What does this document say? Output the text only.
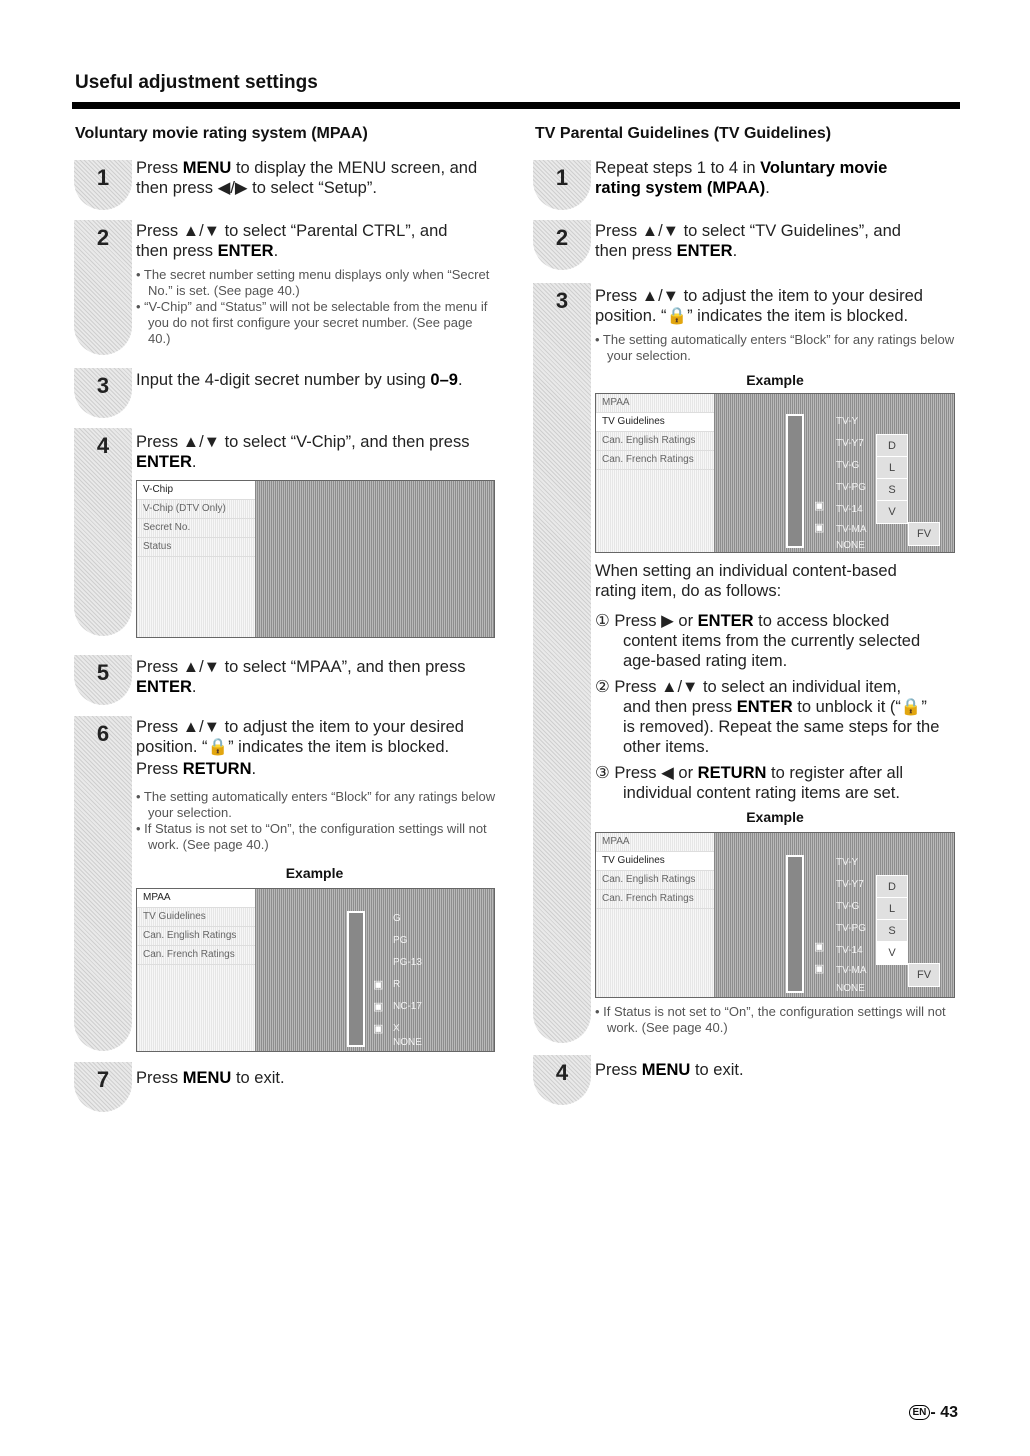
Useful adjustment settings
Voluntary movie rating system (MPAA)
1	Press MENU to display the MENU screen, and
then press ◀/▶ to select “Setup”.
2	Press ▲/▼ to select “Parental CTRL”, and
then press ENTER.

• The secret number setting menu displays only when “Secret No.” is set. (See page 40.)

• “V-Chip” and “Status” will not be selectable from the menu if you do not first configure your secret number. (See page 40.)

3	Input the 4-digit secret number by using 0–9.
4	Press ▲/▼ to select “V-Chip”, and then press
ENTER.
V-Chip
V-Chip (DTV Only)
Secret No.
Status
5	Press ▲/▼ to select “MPAA”, and then press
ENTER.
6	Press ▲/▼ to adjust the item to your desired
position. “🔒” indicates the item is blocked.
Press RETURN.

• The setting automatically enters “Block” for any ratings below your selection.

• If Status is not set to “On”, the configuration settings will not work. (See page 40.)

Example
MPAA
TV Guidelines
Can. English Ratings
Can. French Ratings
G
PG
PG-13
▣ R
▣ NC-17
▣ X
NONE
7	Press MENU to exit.
TV Parental Guidelines (TV Guidelines)
1	Repeat steps 1 to 4 in Voluntary movie
rating system (MPAA).
2	Press ▲/▼ to select “TV Guidelines”, and
then press ENTER.
3	Press ▲/▼ to adjust the item to your desired
position. “🔒” indicates the item is blocked.

• The setting automatically enters “Block” for any ratings below your selection.

Example
MPAA
TV Guidelines
Can. English Ratings
Can. French Ratings
TV-Y
TV-Y7
TV-G
TV-PG
▣ TV-14
▣ TV-MA
NONE
D
L
S
V
FV
When setting an individual content-based
rating item, do as follows:
① Press ▶ or ENTER to access blocked
content items from the currently selected
age-based rating item.
② Press ▲/▼ to select an individual item,
and then press ENTER to unblock it (“🔒”
is removed). Repeat the same steps for the
other items.
③ Press ◀ or RETURN to register after all
individual content rating items are set.
Example
MPAA
TV Guidelines
Can. English Ratings
Can. French Ratings
TV-Y
TV-Y7
TV-G
TV-PG
▣ TV-14
▣ TV-MA
NONE
D
L
S
V
FV

• If Status is not set to “On”, the configuration settings will not work. (See page 40.)

4	Press MENU to exit.
EN - 43
